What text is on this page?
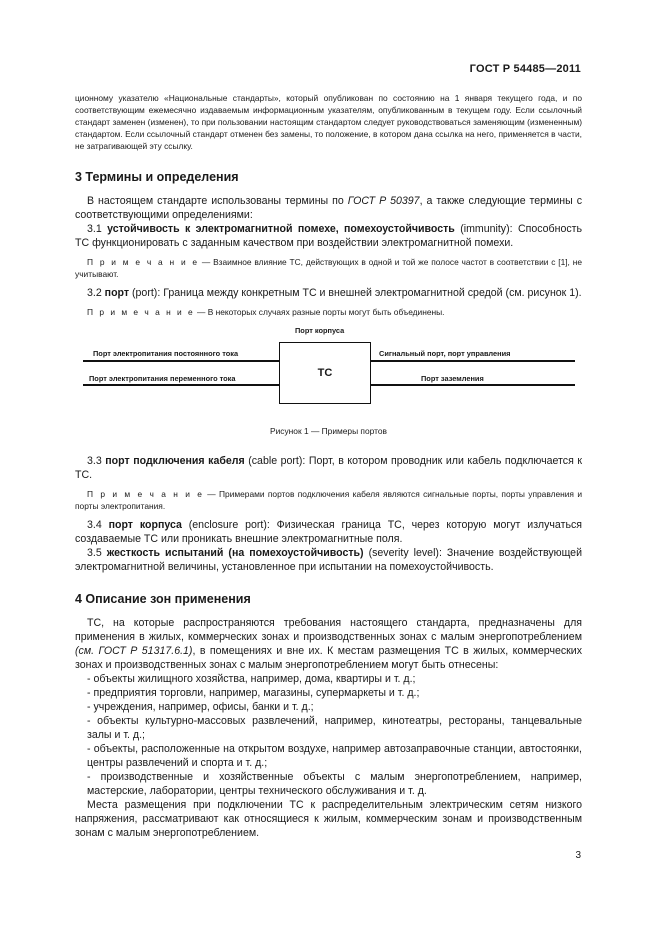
ГОСТ Р 54485—2011

ционному указателю «Национальные стандарты», который опубликован по состоянию на 1 января текущего года, и по соответствующим ежемесячно издаваемым информационным указателям, опубликованным в текущем году. Если ссылочный стандарт заменен (изменен), то при пользовании настоящим стандартом следует руководствоваться заменяющим (измененным) стандартом. Если ссылочный стандарт отменен без замены, то положение, в котором дана ссылка на него, применяется в части, не затрагивающей эту ссылку.

3 Термины и определения

В настоящем стандарте использованы термины по ГОСТ Р 50397, а также следующие термины с соответствующими определениями:

3.1 устойчивость к электромагнитной помехе, помехоустойчивость (immunity): Способность ТС функционировать с заданным качеством при воздействии электромагнитной помехи.

П р и м е ч а н и е — Взаимное влияние ТС, действующих в одной и той же полосе частот в соответствии с [1], не учитывают.

3.2 порт (port): Граница между конкретным ТС и внешней электромагнитной средой (см. рисунок 1).

П р и м е ч а н и е — В некоторых случаях разные порты могут быть объединены.

Порт корпуса
ТС
Порт электропитания постоянного тока
Порт электропитания переменного тока
Сигнальный порт, порт управления
Порт заземления

Рисунок 1 — Примеры портов

3.3 порт подключения кабеля (cable port): Порт, в котором проводник или кабель подключается к ТС.

П р и м е ч а н и е — Примерами портов подключения кабеля являются сигнальные порты, порты управления и порты электропитания.

3.4 порт корпуса (enclosure port): Физическая граница ТС, через которую могут излучаться создаваемые ТС или проникать внешние электромагнитные поля.

3.5 жесткость испытаний (на помехоустойчивость) (severity level): Значение воздействующей электромагнитной величины, установленное при испытании на помехоустойчивость.

4 Описание зон применения

ТС, на которые распространяются требования настоящего стандарта, предназначены для применения в жилых, коммерческих зонах и производственных зонах с малым энергопотреблением (см. ГОСТ Р 51317.6.1), в помещениях и вне их. К местам размещения ТС в жилых, коммерческих зонах и производственных зонах с малым энергопотреблением могут быть отнесены:

- объекты жилищного хозяйства, например, дома, квартиры и т. д.;

- предприятия торговли, например, магазины, супермаркеты и т. д.;

- учреждения, например, офисы, банки и т. д.;

- объекты культурно-массовых развлечений, например, кинотеатры, рестораны, танцевальные залы и т. д.;

- объекты, расположенные на открытом воздухе, например автозаправочные станции, автостоянки, центры развлечений и спорта и т. д.;

- производственные и хозяйственные объекты с малым энергопотреблением, например, мастерские, лаборатории, центры технического обслуживания и т. д.

Места размещения при подключении ТС к распределительным электрическим сетям низкого напряжения, рассматривают как относящиеся к жилым, коммерческим зонам и производственным зонам с малым энергопотреблением.

3
